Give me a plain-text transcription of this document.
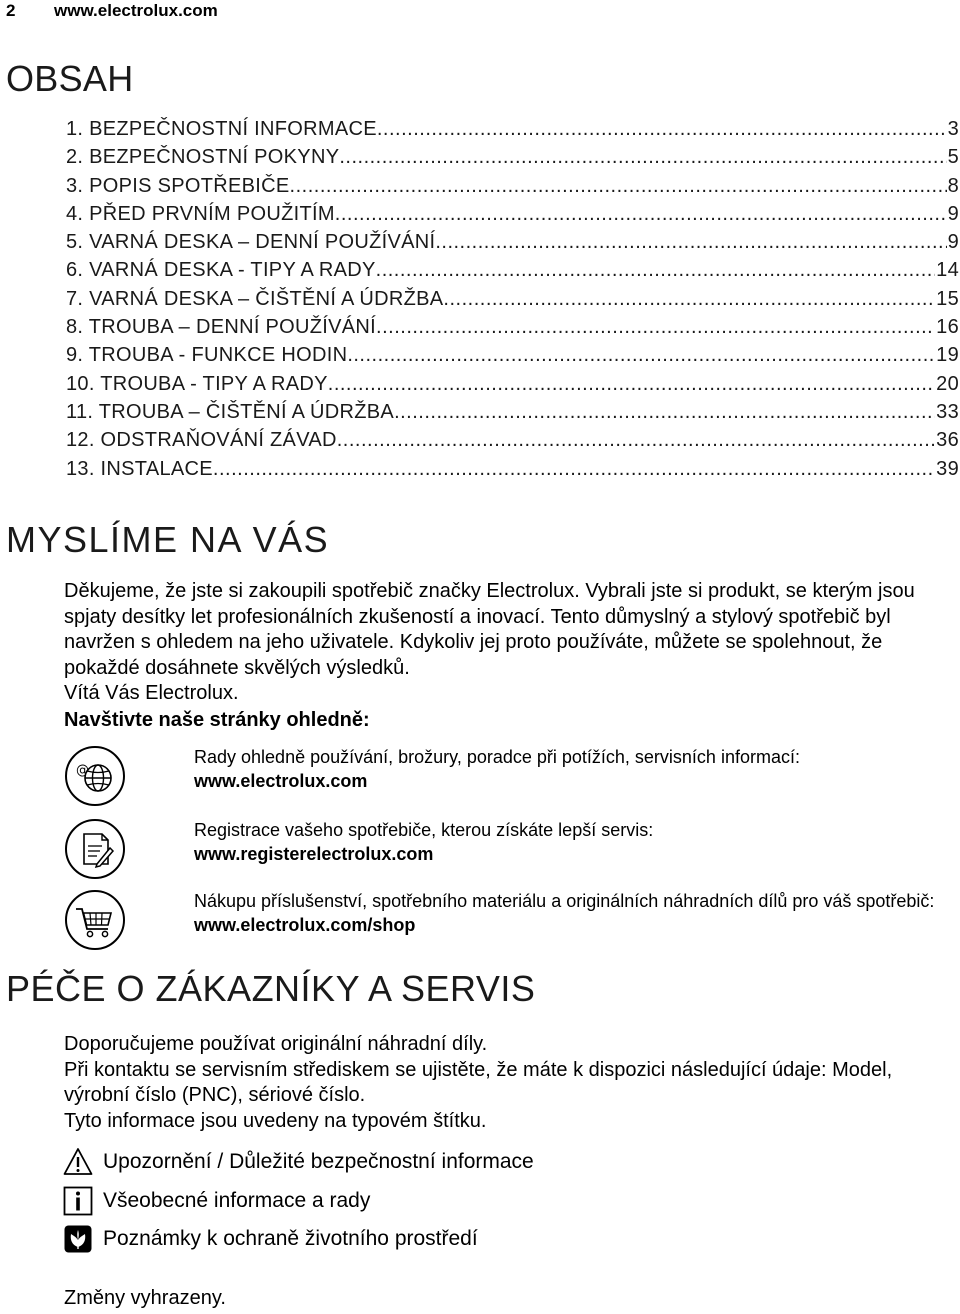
2 www.electrolux.com
OBSAH
1. BEZPEČNOSTNÍ INFORMACE .....	3
2. BEZPEČNOSTNÍ POKYNY .....	5
3. POPIS SPOTŘEBIČE .....	8
4. PŘED PRVNÍM POUŽITÍM .....	9
5. VARNÁ DESKA – DENNÍ POUŽÍVÁNÍ .....	9
6. VARNÁ DESKA - TIPY A RADY .....	14
7. VARNÁ DESKA – ČIŠTĚNÍ A ÚDRŽBA .....	15
8. TROUBA – DENNÍ POUŽÍVÁNÍ .....	16
9. TROUBA - FUNKCE HODIN .....	19
10. TROUBA - TIPY A RADY .....	20
11. TROUBA – ČIŠTĚNÍ A ÚDRŽBA .....	33
12. ODSTRAŇOVÁNÍ ZÁVAD .....	36
13. INSTALACE .....	39
MYSLÍME NA VÁS
Děkujeme, že jste si zakoupili spotřebič značky Electrolux. Vybrali jste si produkt, se kterým jsou spjaty desítky let profesionálních zkušeností a inovací. Tento důmyslný a stylový spotřebič byl navržen s ohledem na jeho uživatele. Kdykoliv jej proto používáte, můžete se spolehnout, že pokaždé dosáhnete skvělých výsledků.
Vítá Vás Electrolux.
Navštivte naše stránky ohledně:
@
Rady ohledně používání, brožury, poradce při potížích, servisních informací:
www.electrolux.com
Registrace vašeho spotřebiče, kterou získáte lepší servis:
www.registerelectrolux.com
Nákupu příslušenství, spotřebního materiálu a originálních náhradních dílů pro váš spotřebič:
www.electrolux.com/shop
PÉČE O ZÁKAZNÍKY A SERVIS
Doporučujeme používat originální náhradní díly.
Při kontaktu se servisním střediskem se ujistěte, že máte k dispozici následující údaje: Model, výrobní číslo (PNC), sériové číslo.
Tyto informace jsou uvedeny na typovém štítku.
Upozornění / Důležité bezpečnostní informace
Všeobecné informace a rady
Poznámky k ochraně životního prostředí
Změny vyhrazeny.
